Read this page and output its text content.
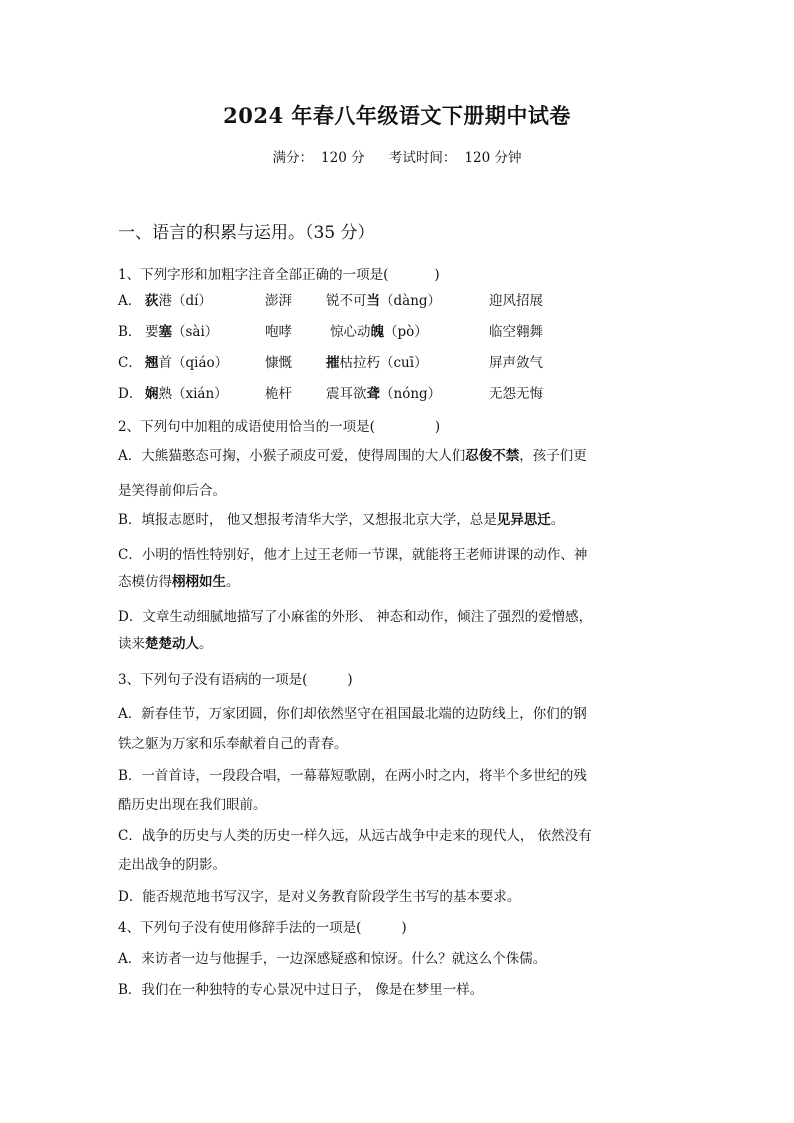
2024 年春八年级语文下册期中试卷
满分： 120 分 考试时间： 120 分钟
一、语言的积累与运用。（35 分）
1、下列字形和加粗字注音全部正确的一项是(	)
A． 荻港（dí）	澎湃	锐不可当（dàng）	迎风招展
B． 要塞（sài）	咆哮	惊心动魄（pò）	临空翱舞
C． 翘首（qiáo）	慷慨	摧枯拉朽（cuī）	屏声敛气
D． 娴熟（xián）	桅杆	震耳欲聋（nóng）	无怨无悔
2、下列句中加粗的成语使用恰当的一项是(	)
A．大熊猫憨态可掬，小猴子顽皮可爱，使得周围的大人们忍俊不禁，孩子们更
是笑得前仰后合。
B．填报志愿时， 他又想报考清华大学，又想报北京大学，总是见异思迁。
C．小明的悟性特别好，他才上过王老师一节课，就能将王老师讲课的动作、神
态模仿得栩栩如生。
D．文章生动细腻地描写了小麻雀的外形、 神态和动作，倾注了强烈的爱憎感，
读来楚楚动人。
3、下列句子没有语病的一项是(	)
A．新春佳节，万家团圆，你们却依然坚守在祖国最北端的边防线上，你们的钢
铁之躯为万家和乐奉献着自己的青春。
B．一首首诗，一段段合唱，一幕幕短歌剧，在两小时之内，将半个多世纪的残
酷历史出现在我们眼前。
C．战争的历史与人类的历史一样久远，从远古战争中走来的现代人， 依然没有
走出战争的阴影。
D．能否规范地书写汉字，是对义务教育阶段学生书写的基本要求。
4、下列句子没有使用修辞手法的一项是(	)
A．来访者一边与他握手，一边深感疑惑和惊讶。什么？就这么个侏儒。
B．我们在一种独特的专心景况中过日子， 像是在梦里一样。
